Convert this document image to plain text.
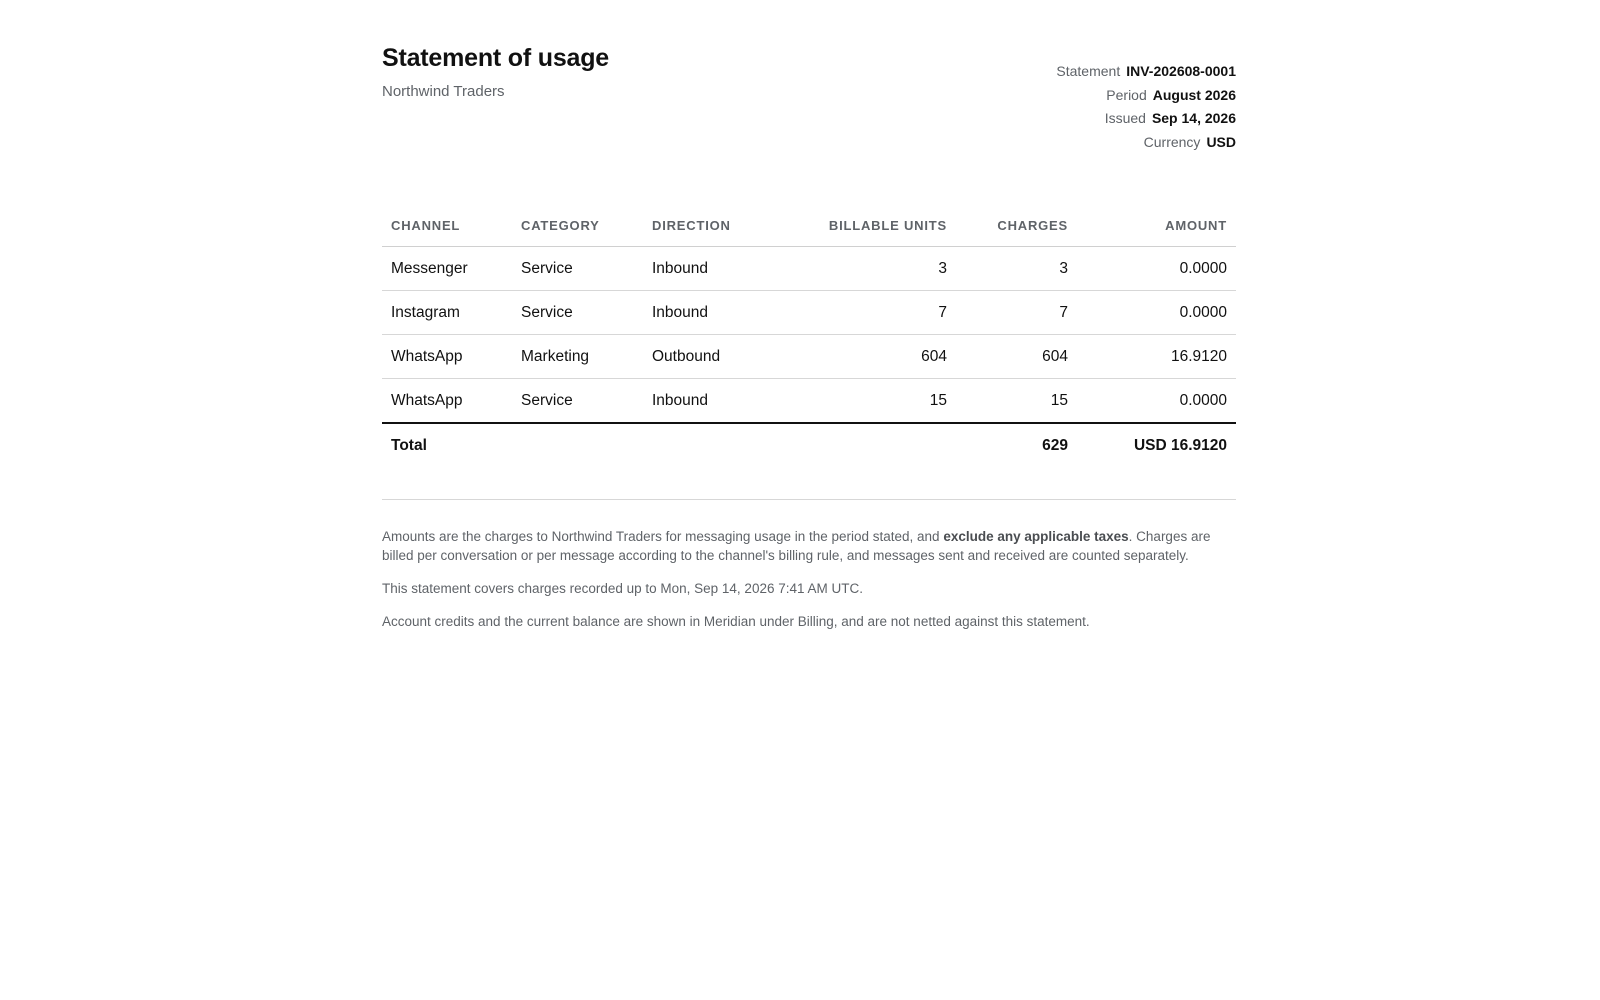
Statement of usage
Northwind Traders
Statement INV-202608-0001
Period August 2026
Issued Sep 14, 2026
Currency USD
CHANNEL	CATEGORY	DIRECTION	BILLABLE UNITS	CHARGES	AMOUNT
Messenger	Service	Inbound	3	3	0.0000
Instagram	Service	Inbound	7	7	0.0000
WhatsApp	Marketing	Outbound	604	604	16.9120
WhatsApp	Service	Inbound	15	15	0.0000
Total				629	USD 16.9120

Amounts are the charges to Northwind Traders for messaging usage in the period stated, and exclude any applicable taxes. Charges are billed per conversation or per message according to the channel's billing rule, and messages sent and received are counted separately.

This statement covers charges recorded up to Mon, Sep 14, 2026 7:41 AM UTC.

Account credits and the current balance are shown in Meridian under Billing, and are not netted against this statement.
